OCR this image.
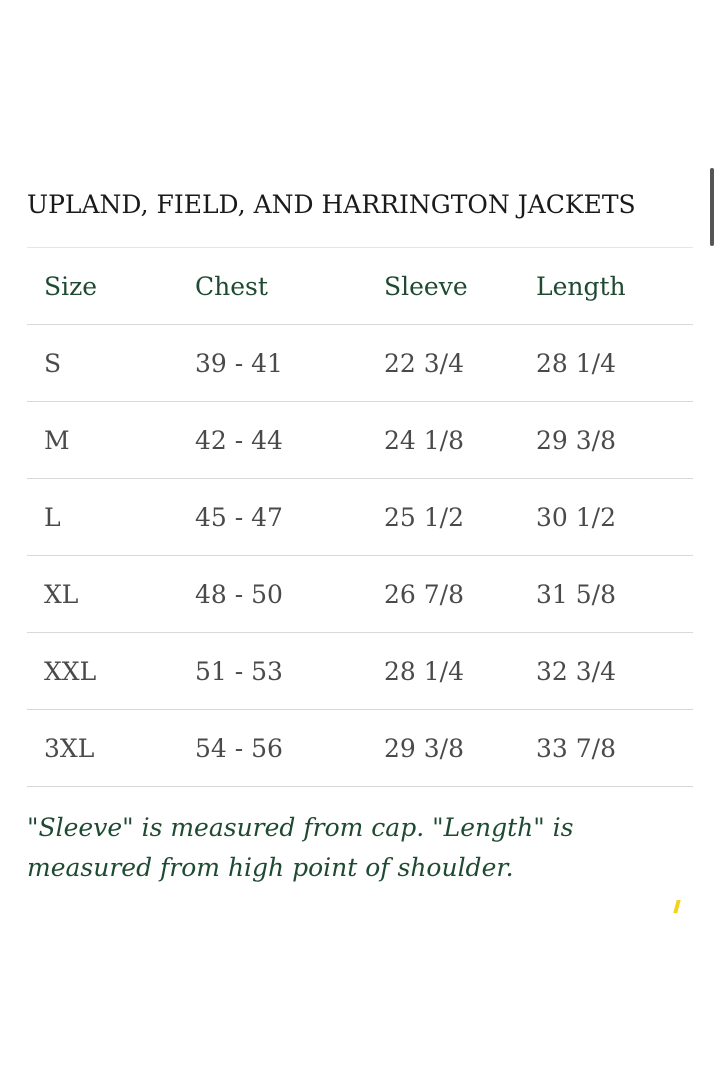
UPLAND, FIELD, AND HARRINGTON JACKETS
Size	Chest	Sleeve	Length
S	39 - 41	22 3/4	28 1/4
M	42 - 44	24 1/8	29 3/8
L	45 - 47	25 1/2	30 1/2
XL	48 - 50	26 7/8	31 5/8
XXL	51 - 53	28 1/4	32 3/4
3XL	54 - 56	29 3/8	33 7/8
"Sleeve" is measured from cap. "Length" is measured from high point of shoulder.
